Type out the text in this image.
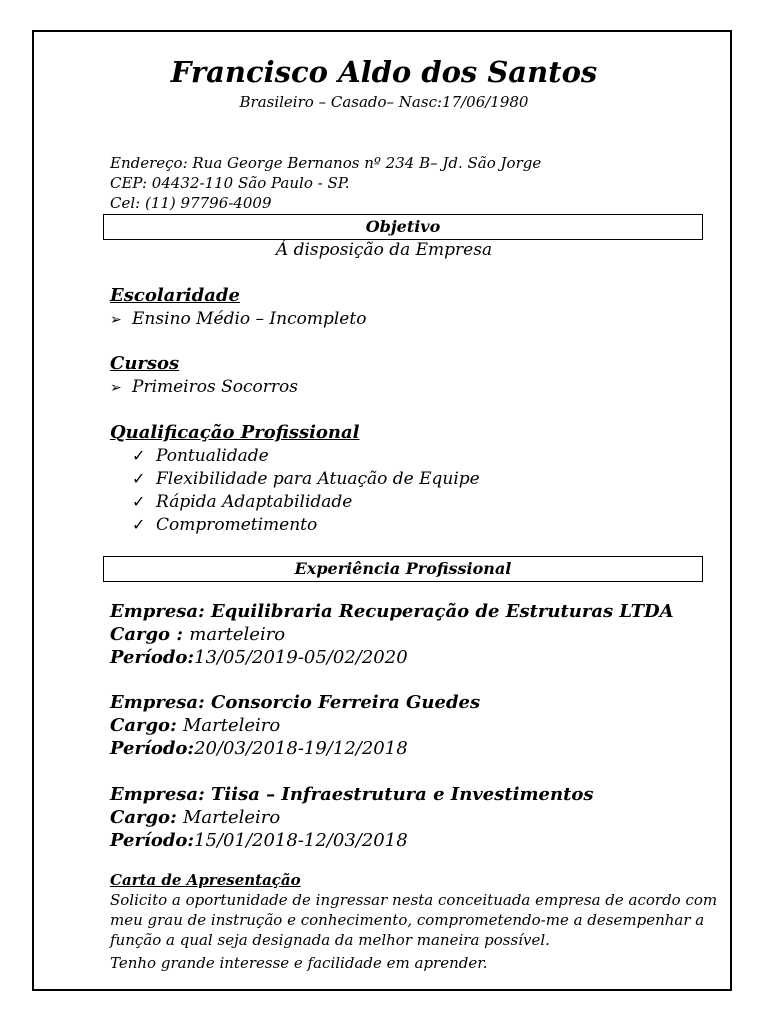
Francisco Aldo dos Santos
Brasileiro – Casado– Nasc:17/06/1980
Endereço: Rua George Bernanos nº 234 B– Jd. São Jorge
CEP: 04432-110 São Paulo - SP.
Cel: (11) 97796-4009
Objetivo
Á disposição da Empresa
Escolaridade
➢ Ensino Médio – Incompleto
Cursos
➢ Primeiros Socorros
Qualificação Profissional
✓ Pontualidade
✓ Flexibilidade para Atuação de Equipe
✓ Rápida Adaptabilidade
✓ Comprometimento
Experiência Profissional
Empresa: Equilibraria Recuperação de Estruturas LTDA
Cargo : marteleiro
Período:13/05/2019-05/02/2020
Empresa: Consorcio Ferreira Guedes
Cargo: Marteleiro
Período:20/03/2018-19/12/2018
Empresa: Tiisa – Infraestrutura e Investimentos
Cargo: Marteleiro
Período:15/01/2018-12/03/2018
Carta de Apresentação
Solicito a oportunidade de ingressar nesta conceituada empresa de acordo com
meu grau de instrução e conhecimento, comprometendo-me a desempenhar a
função a qual seja designada da melhor maneira possível.
Tenho grande interesse e facilidade em aprender.
